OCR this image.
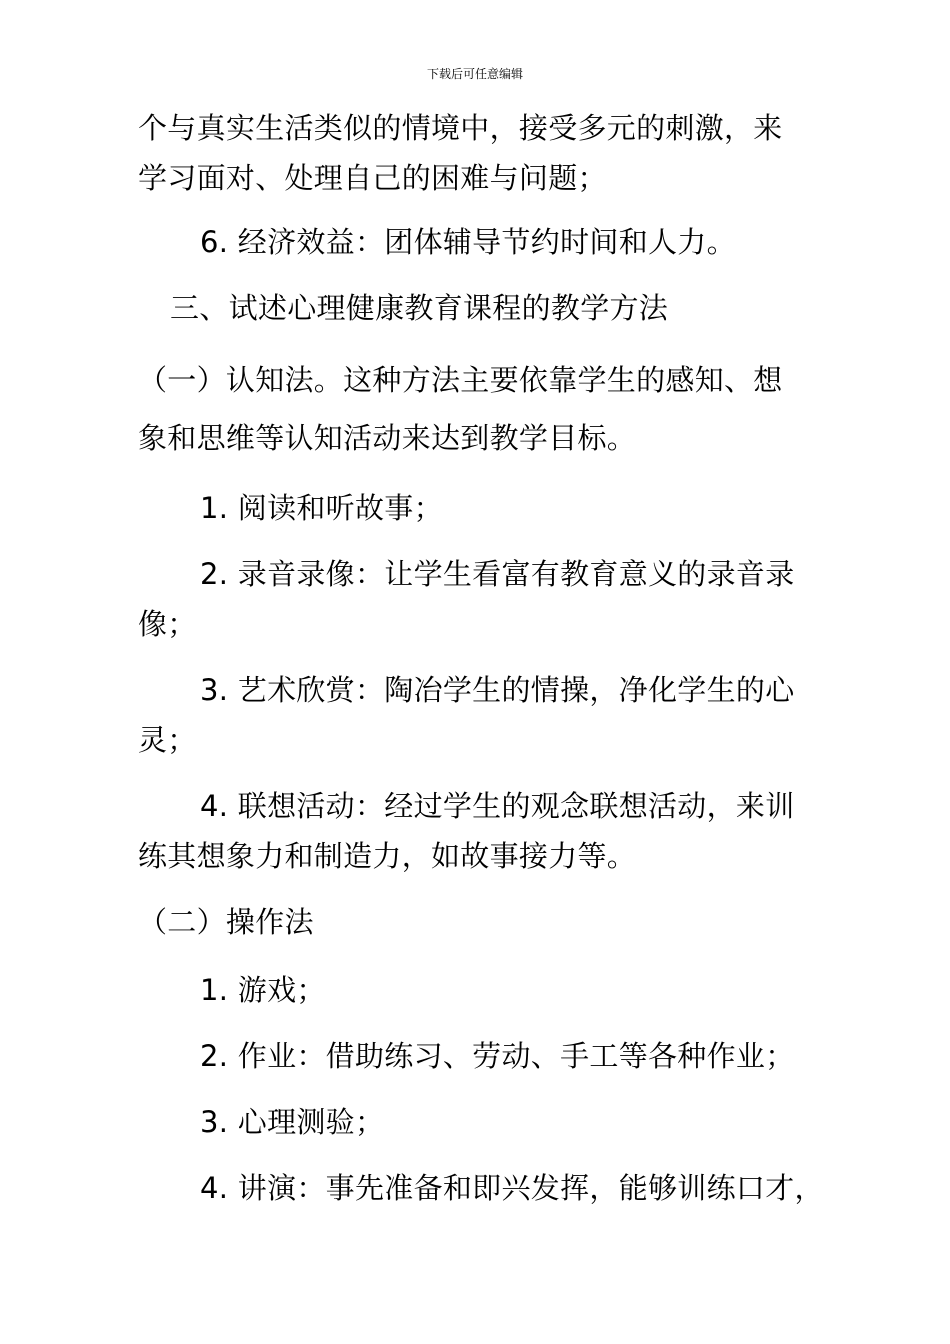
下载后可任意编辑
个与真实生活类似的情境中，接受多元的刺激，来
学习面对、处理自己的困难与问题；
6. 经济效益：团体辅导节约时间和人力。
三、试述心理健康教育课程的教学方法
（一）认知法。这种方法主要依靠学生的感知、想
象和思维等认知活动来达到教学目标。
1. 阅读和听故事；
2. 录音录像：让学生看富有教育意义的录音录
像；
3. 艺术欣赏：陶冶学生的情操，净化学生的心
灵；
4. 联想活动：经过学生的观念联想活动，来训
练其想象力和制造力，如故事接力等。
（二）操作法
1. 游戏；
2. 作业：借助练习、劳动、手工等各种作业；
3. 心理测验；
4. 讲演：事先准备和即兴发挥，能够训练口才，
